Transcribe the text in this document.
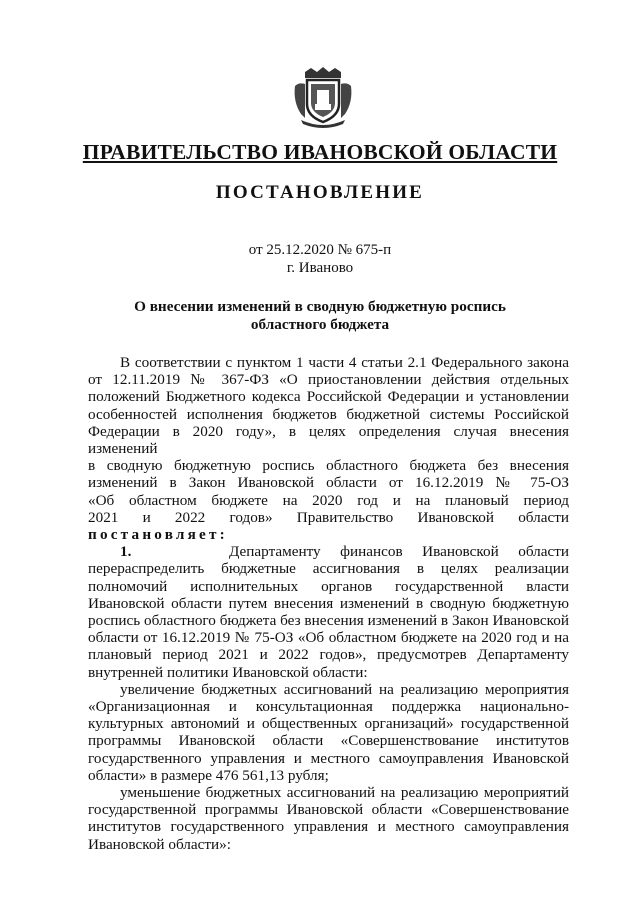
ПРАВИТЕЛЬСТВО ИВАНОВСКОЙ ОБЛАСТИ
ПОСТАНОВЛЕНИЕ
от 25.12.2020 № 675-п
г. Иваново
О внесении изменений в сводную бюджетную роспись
областного бюджета

В соответствии с пунктом 1 части 4 статьи 2.1 Федерального закона
от 12.11.2019 № 367-ФЗ «О приостановлении действия отдельных
положений Бюджетного кодекса Российской Федерации и установлении
особенностей исполнения бюджетов бюджетной системы Российской
Федерации в 2020 году», в целях определения случая внесения изменений
в сводную бюджетную роспись областного бюджета без внесения
изменений в Закон Ивановской области от 16.12.2019 № 75-ОЗ
«Об областном бюджете на 2020 год и на плановый период
2021 и 2022 годов» Правительство Ивановской области
постановляет:

1.	Департаменту финансов Ивановской области
перераспределить бюджетные ассигнования в целях реализации
полномочий исполнительных органов государственной власти
Ивановской области путем внесения изменений в сводную бюджетную
роспись областного бюджета без внесения изменений в Закон Ивановской
области от 16.12.2019 № 75-ОЗ «Об областном бюджете на 2020 год и на
плановый период 2021 и 2022 годов», предусмотрев Департаменту
внутренней политики Ивановской области:

увеличение бюджетных ассигнований на реализацию мероприятия
«Организационная и консультационная поддержка национально-
культурных автономий и общественных организаций» государственной
программы Ивановской области «Совершенствование институтов
государственного управления и местного самоуправления Ивановской
области» в размере 476 561,13 рубля;

уменьшение бюджетных ассигнований на реализацию мероприятий
государственной программы Ивановской области «Совершенствование
институтов государственного управления и местного самоуправления
Ивановской области»:
